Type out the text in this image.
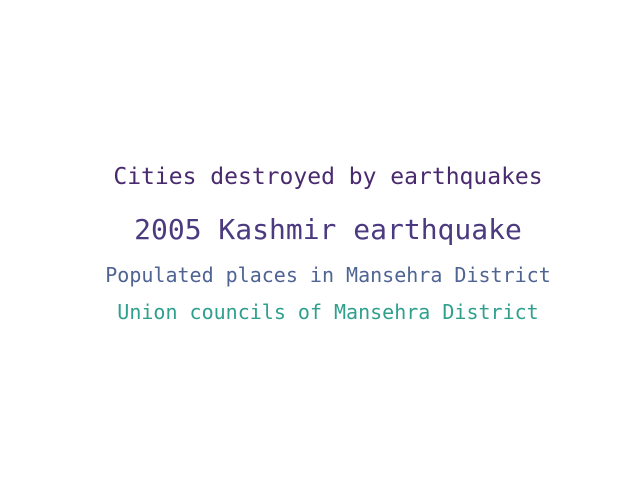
Cities destroyed by earthquakes
2005 Kashmir earthquake
Populated places in Mansehra District
Union councils of Mansehra District
